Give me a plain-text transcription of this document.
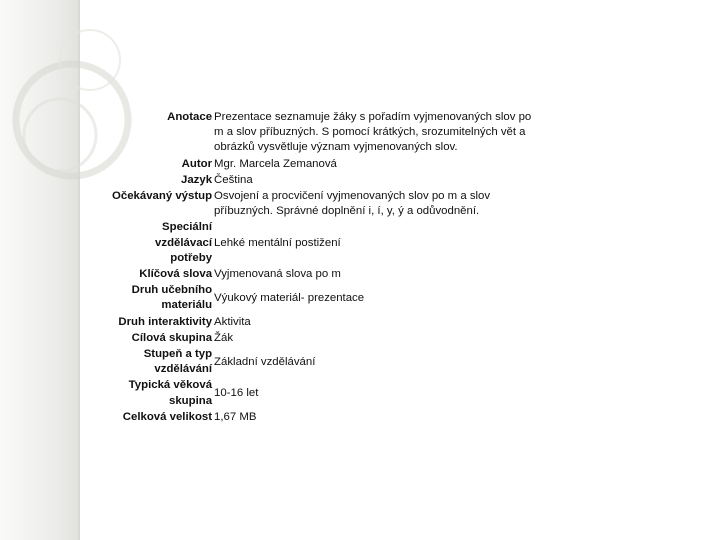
Anotace	Prezentace seznamuje žáky s pořadím vyjmenovaných slov po
m a slov příbuzných. S pomocí krátkých, srozumitelných vět a
obrázků vysvětluje význam vyjmenovaných slov.
Autor	Mgr. Marcela Zemanová
Jazyk	Čeština
Očekávaný výstup	Osvojení a procvičení vyjmenovaných slov po m a slov
příbuzných. Správné doplnění i, í, y, ý a odůvodnění.
Speciální
vzdělávací
potřeby	Lehké mentální postižení
Klíčová slova	Vyjmenovaná slova po m
Druh učebního
materiálu	Výukový materiál- prezentace
Druh interaktivity	Aktivita
Cílová skupina	Žák
Stupeň a typ
vzdělávání	Základní vzdělávání
Typická věková
skupina	10-16 let
Celková velikost	1,67 MB
